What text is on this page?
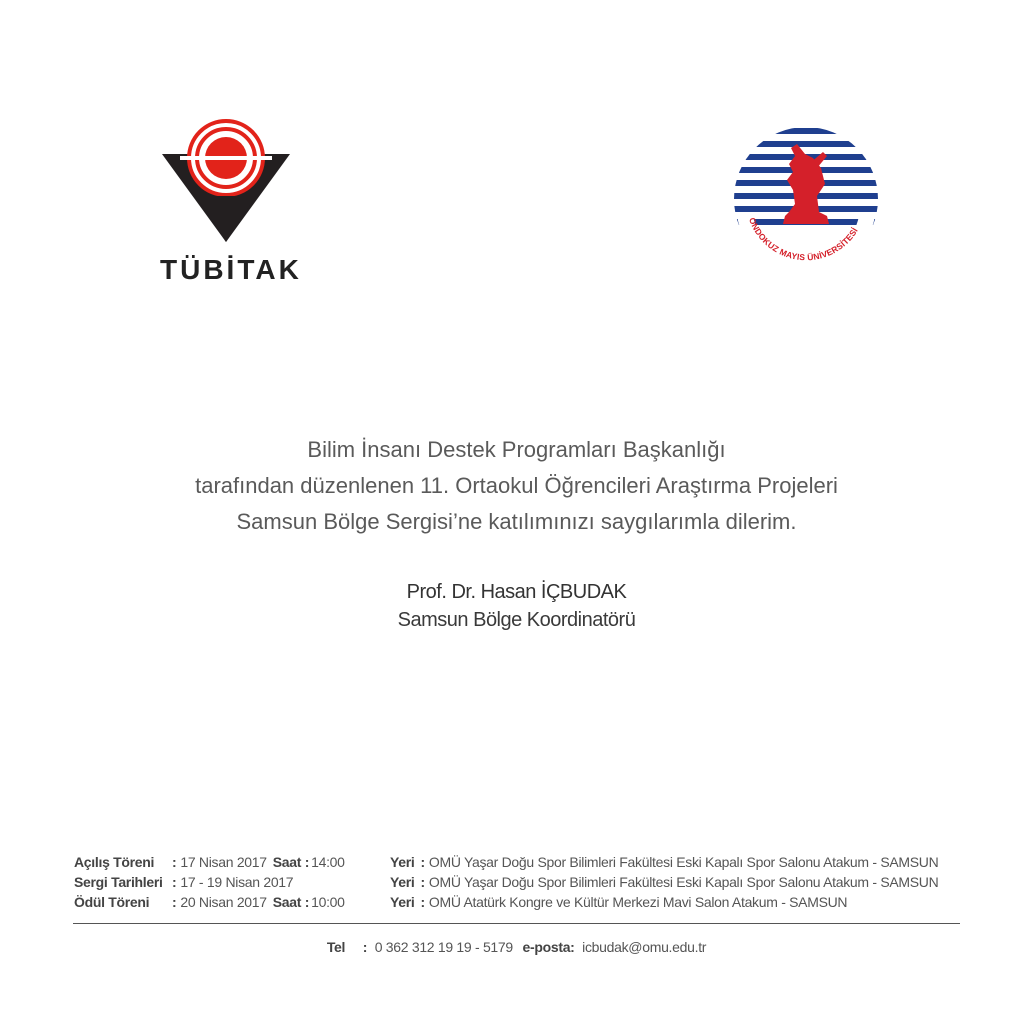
TÜBİTAK
ONDOKUZ MAYIS ÜNİVERSİTESİ
Bilim İnsanı Destek Programları Başkanlığı
tarafından düzenlenen 11. Ortaokul Öğrencileri Araştırma Projeleri
Samsun Bölge Sergisi’ne katılımınızı saygılarımla dilerim.
Prof. Dr. Hasan İÇBUDAK
Samsun Bölge Koordinatörü
Açılış Töreni	: 17 Nisan 2017 Saat : 14:00
Sergi Tarihleri : 17 - 19 Nisan 2017
Ödül Töreni	: 20 Nisan 2017 Saat : 10:00
Yeri : OMÜ Yaşar Doğu Spor Bilimleri Fakültesi Eski Kapalı Spor Salonu Atakum - SAMSUN
Yeri : OMÜ Yaşar Doğu Spor Bilimleri Fakültesi Eski Kapalı Spor Salonu Atakum - SAMSUN
Yeri : OMÜ Atatürk Kongre ve Kültür Merkezi Mavi Salon Atakum - SAMSUN
Tel : 0 362 312 19 19 - 5179 e-posta: icbudak@omu.edu.tr
